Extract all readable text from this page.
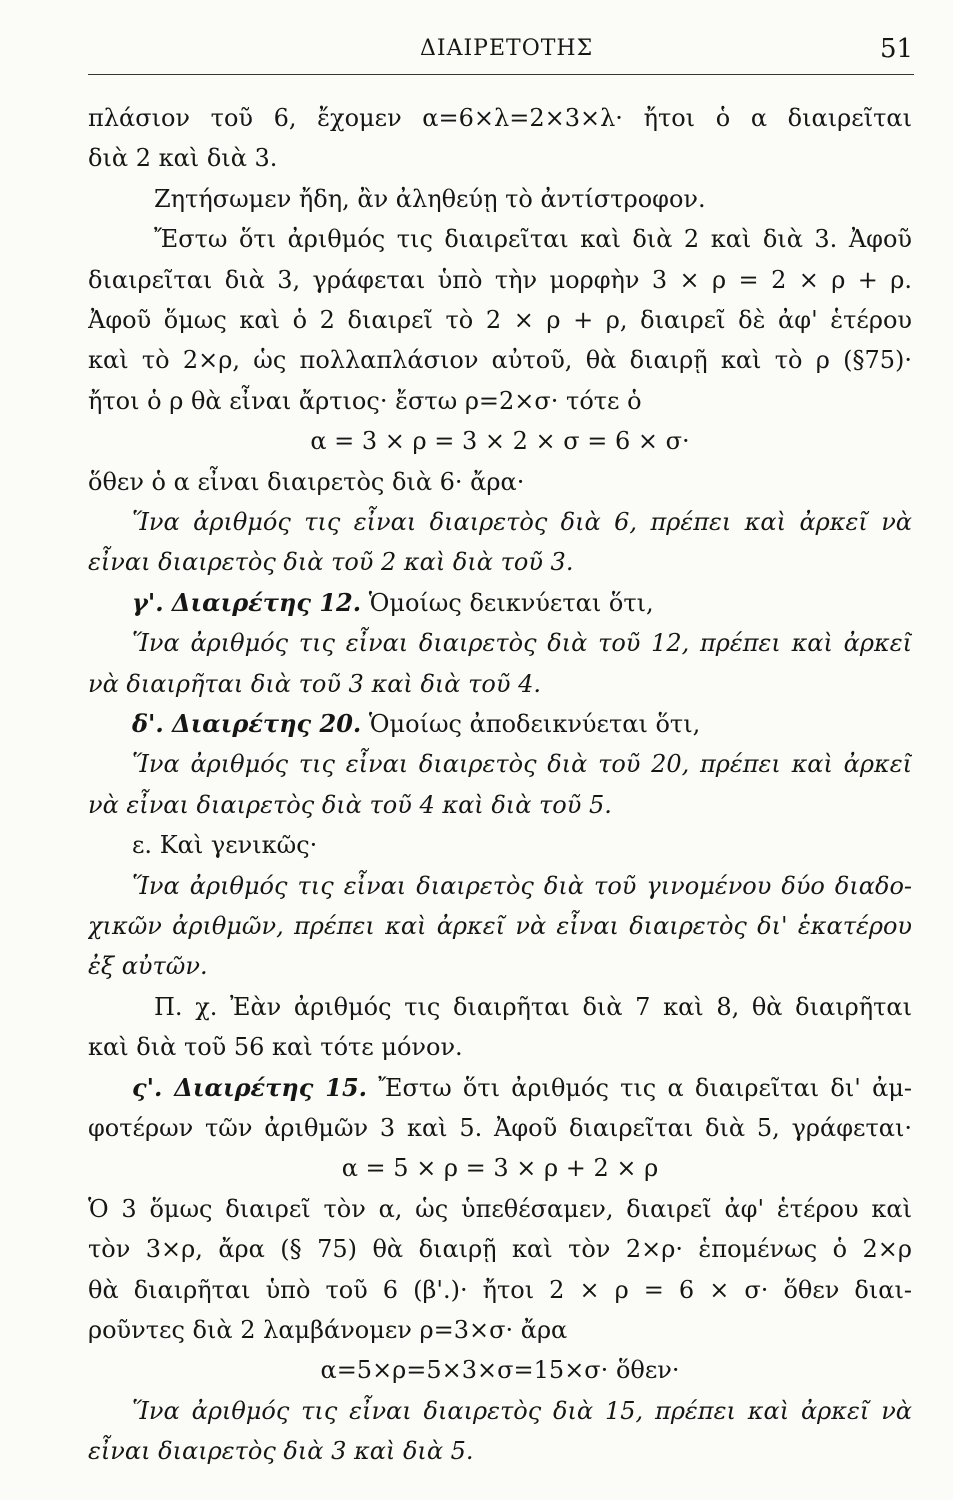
ΔΙΑΙΡΕΤΟΤΗΣ	51
πλάσιον τοῦ 6, ἔχομεν α=6×λ=2×3×λ· ἤτοι ὁ α διαιρεῖται
διὰ 2 καὶ διὰ 3.
Ζητήσωμεν ἤδη, ἂν ἀληθεύῃ τὸ ἀντίστροφον.
Ἔστω ὅτι ἀριθμός τις διαιρεῖται καὶ διὰ 2 καὶ διὰ 3. Ἀφοῦ
διαιρεῖται διὰ 3, γράφεται ὑπὸ τὴν μορφὴν 3 × ρ = 2 × ρ + ρ.
Ἀφοῦ ὅμως καὶ ὁ 2 διαιρεῖ τὸ 2 × ρ + ρ, διαιρεῖ δὲ ἀφ' ἑτέρου
καὶ τὸ 2×ρ, ὡς πολλαπλάσιον αὐτοῦ, θὰ διαιρῇ καὶ τὸ ρ (§75)·
ἤτοι ὁ ρ θὰ εἶναι ἄρτιος· ἔστω ρ=2×σ· τότε ὁ
α = 3 × ρ = 3 × 2 × σ = 6 × σ·
ὅθεν ὁ α εἶναι διαιρετὸς διὰ 6· ἄρα·
Ἵνα ἀριθμός τις εἶναι διαιρετὸς διὰ 6, πρέπει καὶ ἀρκεῖ νὰ
εἶναι διαιρετὸς διὰ τοῦ 2 καὶ διὰ τοῦ 3.
γ'. Διαιρέτης 12. Ὁμοίως δεικνύεται ὅτι,
Ἵνα ἀριθμός τις εἶναι διαιρετὸς διὰ τοῦ 12, πρέπει καὶ ἀρκεῖ
νὰ διαιρῆται διὰ τοῦ 3 καὶ διὰ τοῦ 4.
δ'. Διαιρέτης 20. Ὁμοίως ἀποδεικνύεται ὅτι,
Ἵνα ἀριθμός τις εἶναι διαιρετὸς διὰ τοῦ 20, πρέπει καὶ ἀρκεῖ
νὰ εἶναι διαιρετὸς διὰ τοῦ 4 καὶ διὰ τοῦ 5.
ε. Καὶ γενικῶς·
Ἵνα ἀριθμός τις εἶναι διαιρετὸς διὰ τοῦ γινομένου δύο διαδο-
χικῶν ἀριθμῶν, πρέπει καὶ ἀρκεῖ νὰ εἶναι διαιρετὸς δι' ἑκατέρου
ἐξ αὐτῶν.
Π. χ. Ἐὰν ἀριθμός τις διαιρῆται διὰ 7 καὶ 8, θὰ διαιρῆται
καὶ διὰ τοῦ 56 καὶ τότε μόνον.
ς'. Διαιρέτης 15. Ἔστω ὅτι ἀριθμός τις α διαιρεῖται δι' ἀμ-
φοτέρων τῶν ἀριθμῶν 3 καὶ 5. Ἀφοῦ διαιρεῖται διὰ 5, γράφεται·
α = 5 × ρ = 3 × ρ + 2 × ρ
Ὁ 3 ὅμως διαιρεῖ τὸν α, ὡς ὑπεθέσαμεν, διαιρεῖ ἀφ' ἑτέρου καὶ
τὸν 3×ρ, ἄρα (§ 75) θὰ διαιρῇ καὶ τὸν 2×ρ· ἑπομένως ὁ 2×ρ
θὰ διαιρῆται ὑπὸ τοῦ 6 (β'.)· ἤτοι 2 × ρ = 6 × σ· ὅθεν διαι-
ροῦντες διὰ 2 λαμβάνομεν ρ=3×σ· ἄρα
α=5×ρ=5×3×σ=15×σ· ὅθεν·
Ἵνα ἀριθμός τις εἶναι διαιρετὸς διὰ 15, πρέπει καὶ ἀρκεῖ νὰ
εἶναι διαιρετὸς διὰ 3 καὶ διὰ 5.
